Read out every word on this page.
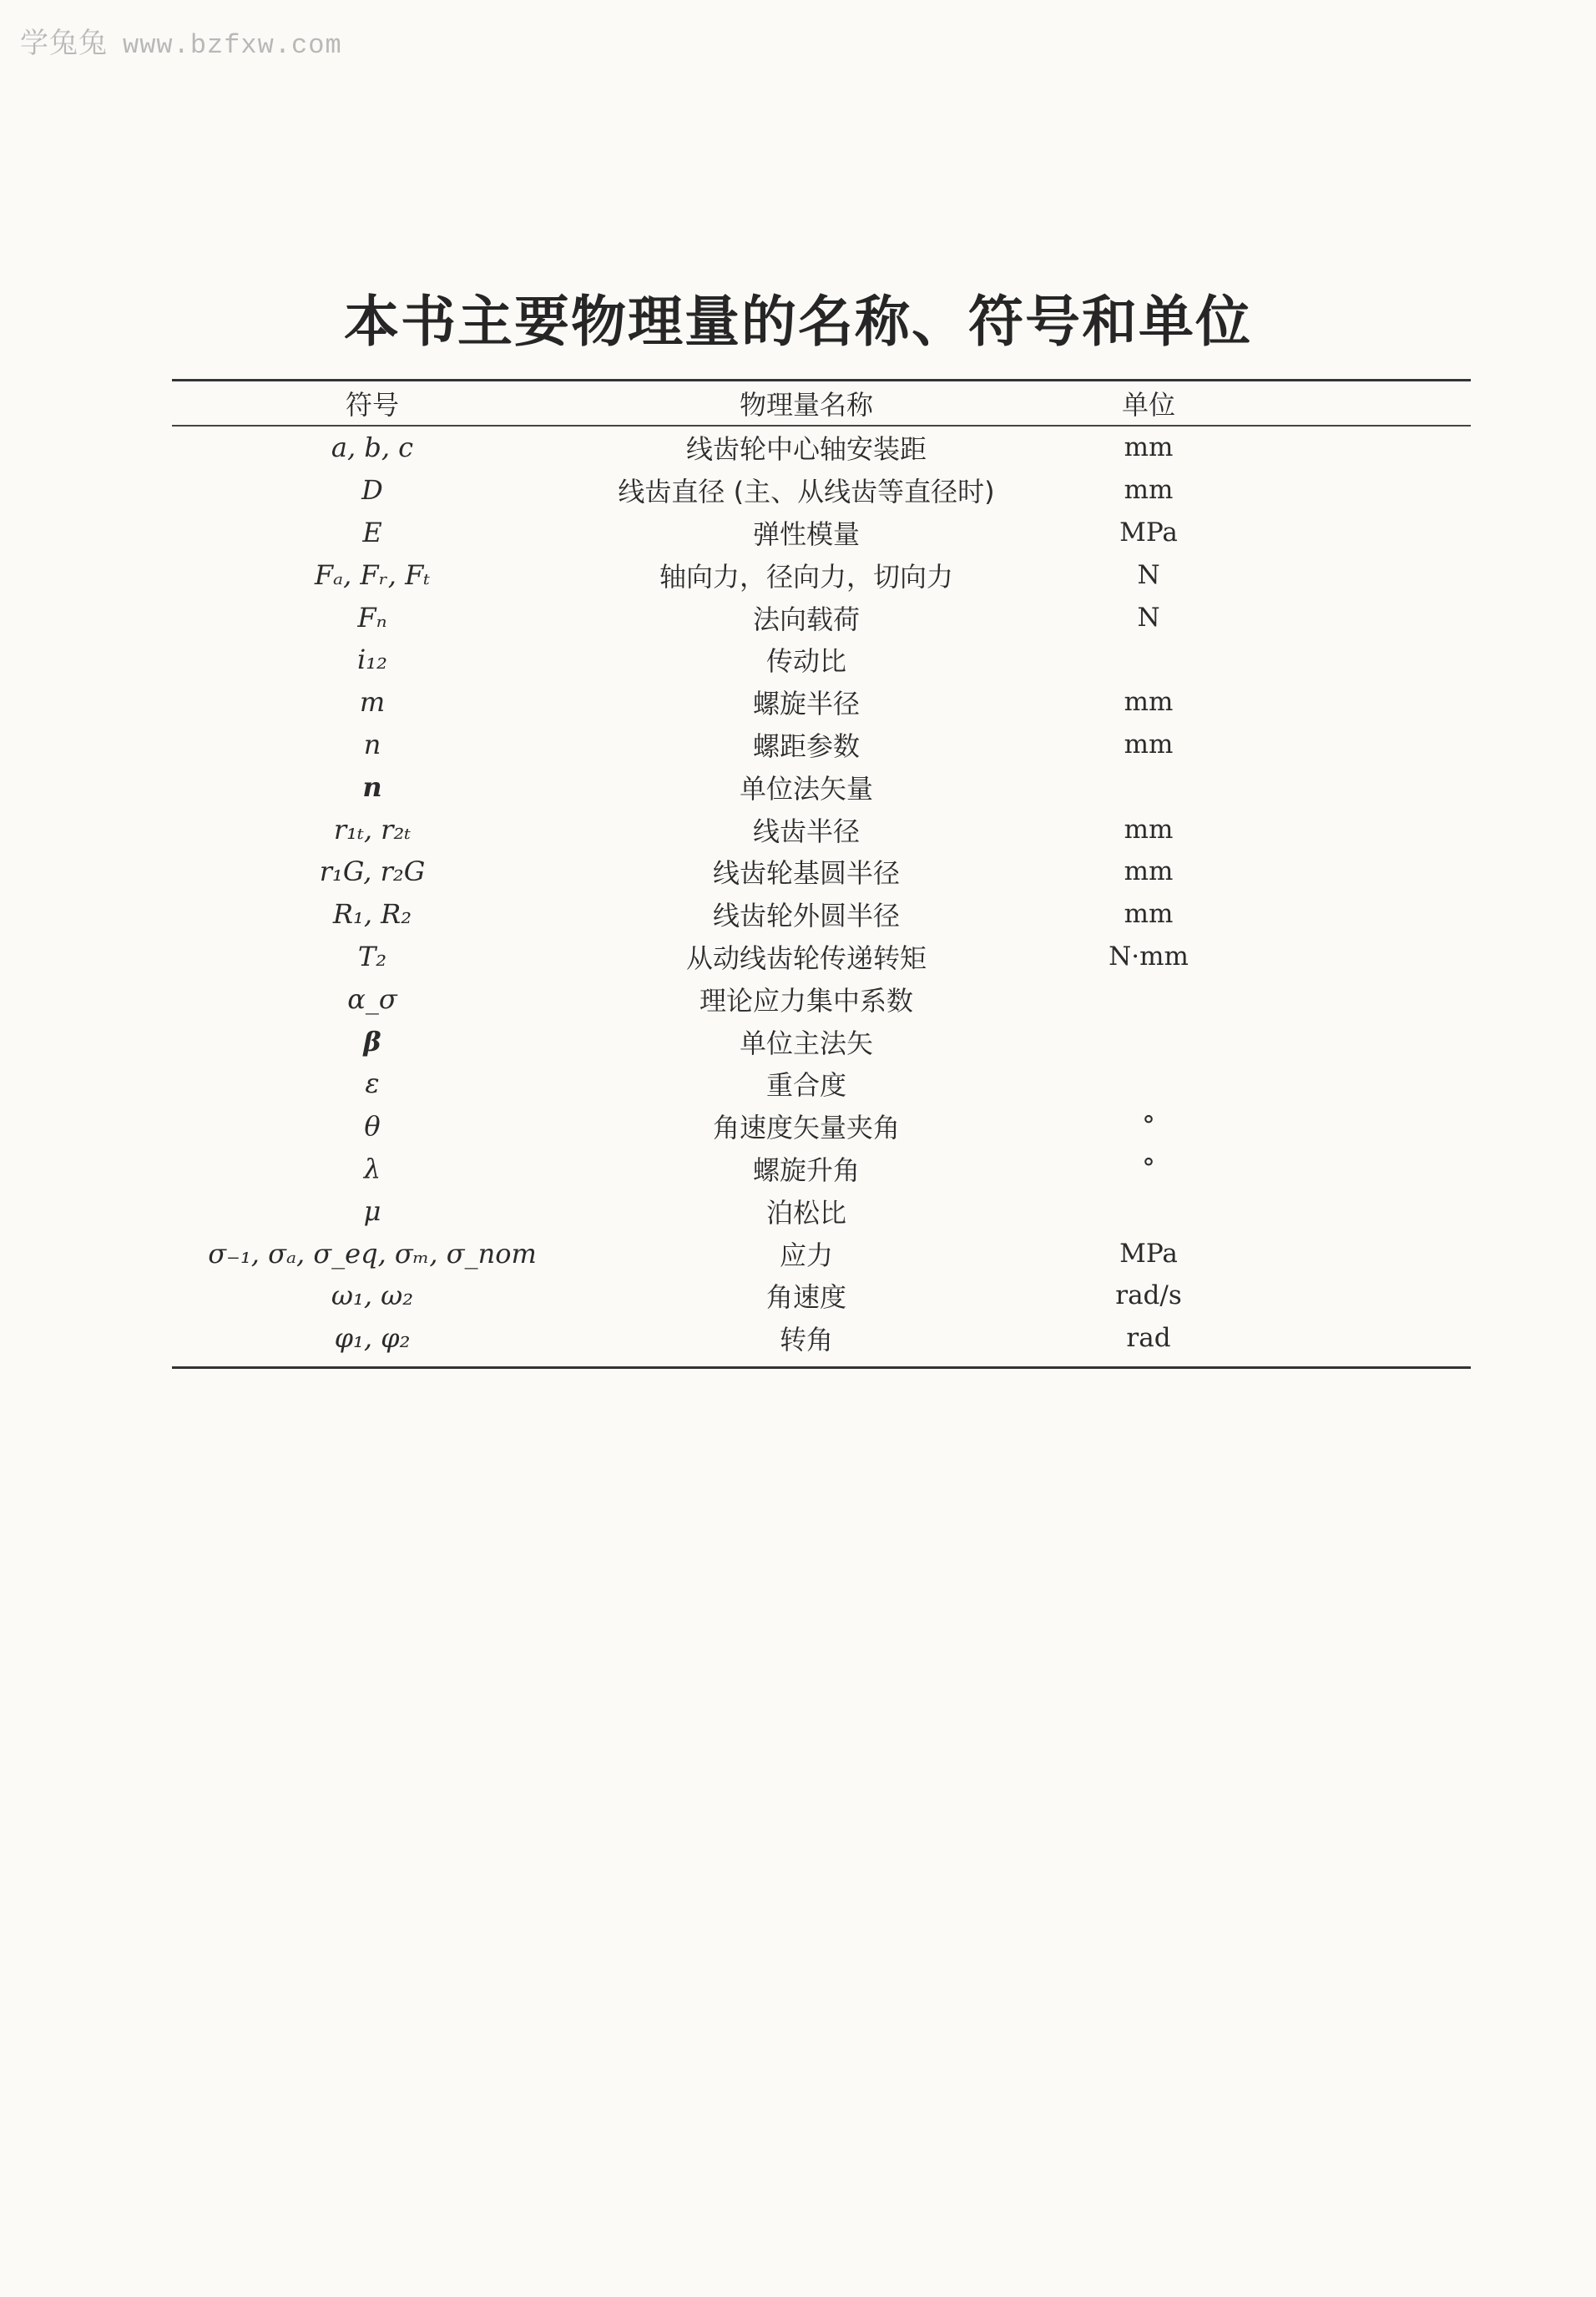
学兔兔 www.bzfxw.com
本书主要物理量的名称、符号和单位
符号	物理量名称	单位	
a, b, c	线齿轮中心轴安装距	mm	
D	线齿直径 (主、从线齿等直径时)	mm	
E	弹性模量	MPa	
Fₐ, Fᵣ, Fₜ	轴向力，径向力，切向力	N	
Fₙ	法向载荷	N	
i₁₂	传动比		
m	螺旋半径	mm	
n	螺距参数	mm	
n	单位法矢量		
r₁ₜ, r₂ₜ	线齿半径	mm	
r₁G, r₂G	线齿轮基圆半径	mm	
R₁, R₂	线齿轮外圆半径	mm	
T₂	从动线齿轮传递转矩	N·mm	
α_σ	理论应力集中系数		
β	单位主法矢		
ε	重合度		
θ	角速度矢量夹角	°	
λ	螺旋升角	°	
μ	泊松比		
σ₋₁, σₐ, σ_eq, σₘ, σ_nom	应力	MPa	
ω₁, ω₂	角速度	rad/s	
φ₁, φ₂	转角	rad	
